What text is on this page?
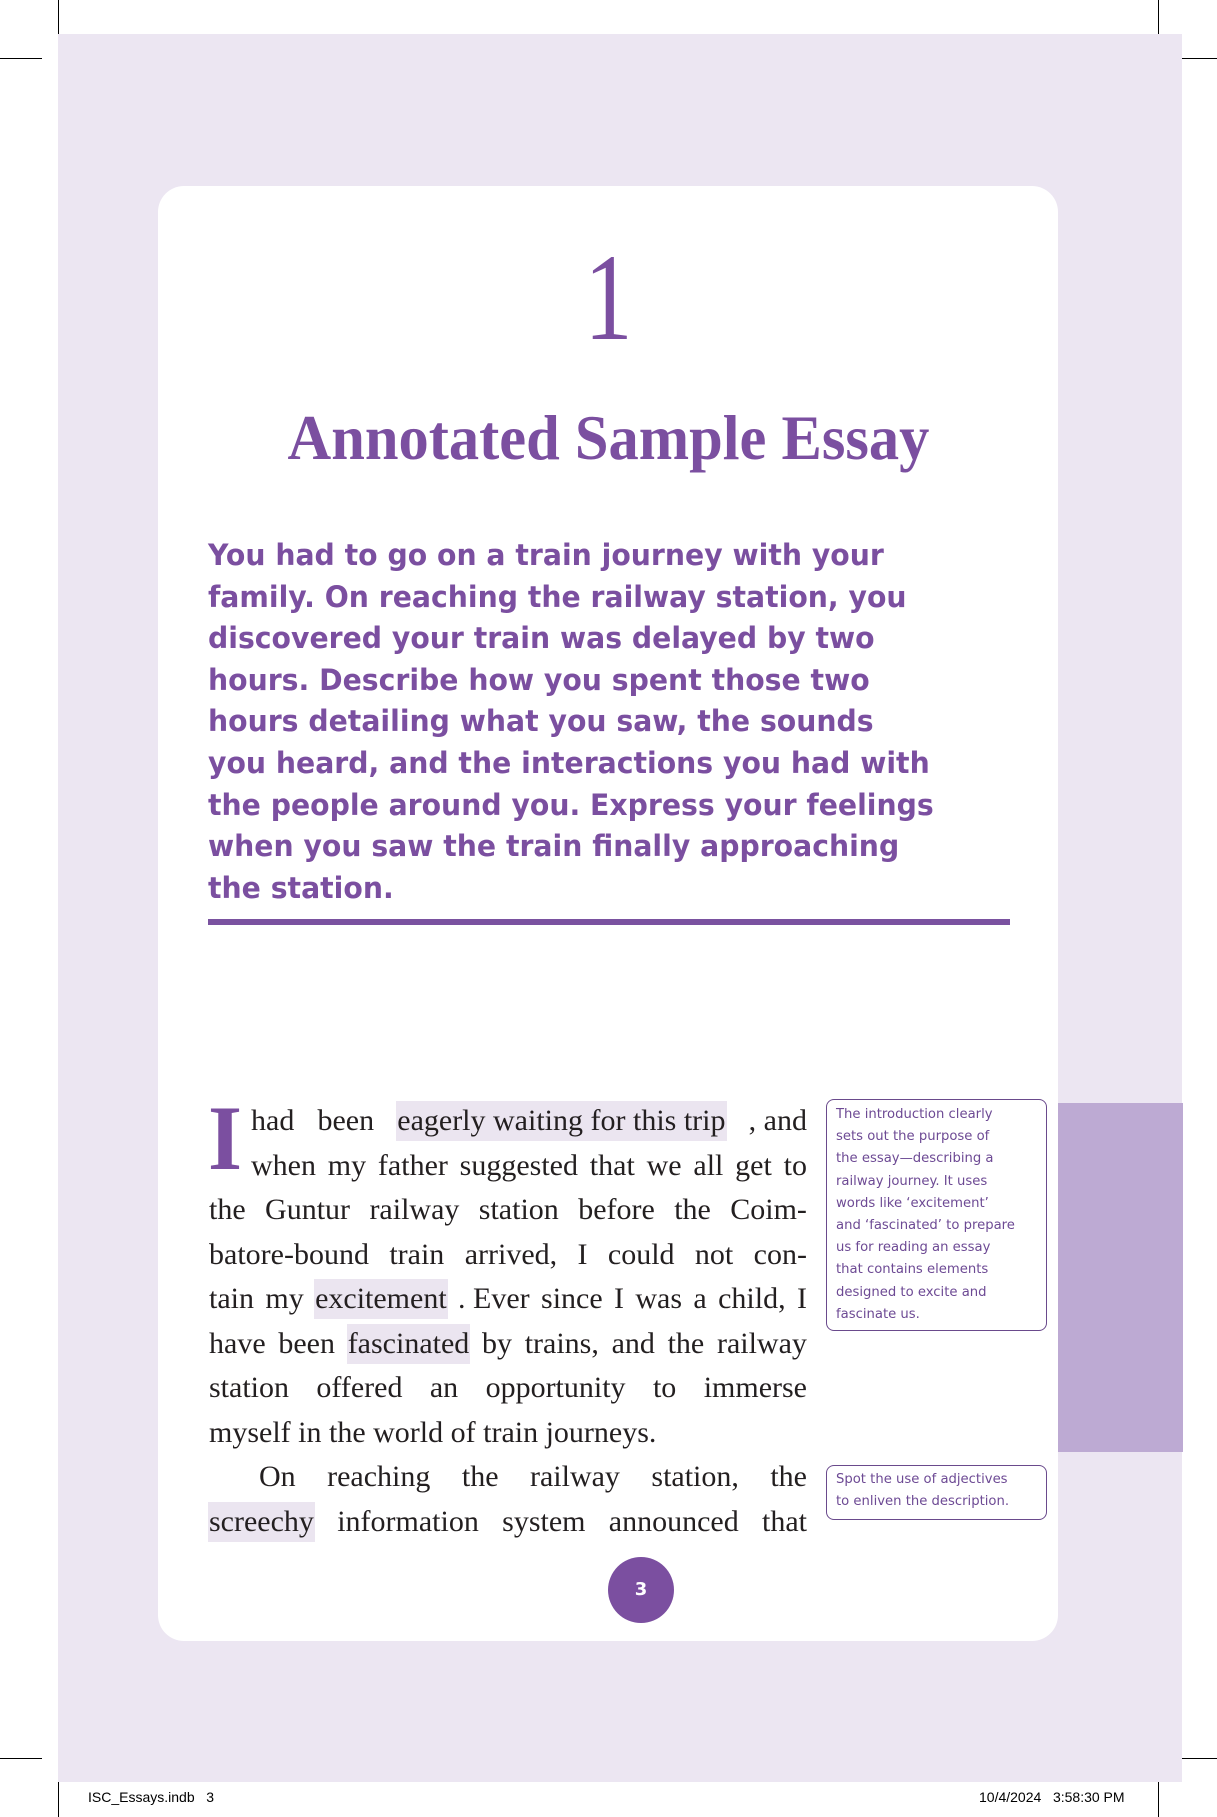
1
Annotated Sample Essay
You had to go on a train journey with your
family. On reaching the railway station, you
discovered your train was delayed by two
hours. Describe how you spent those two
hours detailing what you saw, the sounds
you heard, and the interactions you had with
the people around you. Express your feelings
when you saw the train finally approaching
the station.
I had been eagerly waiting for this trip , and
when my father suggested that we all get to
the Guntur railway station before the Coim-
batore-bound train arrived, I could not con-
tain my excitement . Ever since I was a child, I
have been fascinated by trains, and the railway
station offered an opportunity to immerse
myself in the world of train journeys.
On reaching the railway station, the
screechy information system announced that
The introduction clearly
sets out the purpose of
the essay—describing a
railway journey. It uses
words like ‘excitement’
and ‘fascinated’ to prepare
us for reading an essay
that contains elements
designed to excite and
fascinate us.
Spot the use of adjectives
to enliven the description.
3
ISC_Essays.indb   3	10/4/2024   3:58:30 PM
